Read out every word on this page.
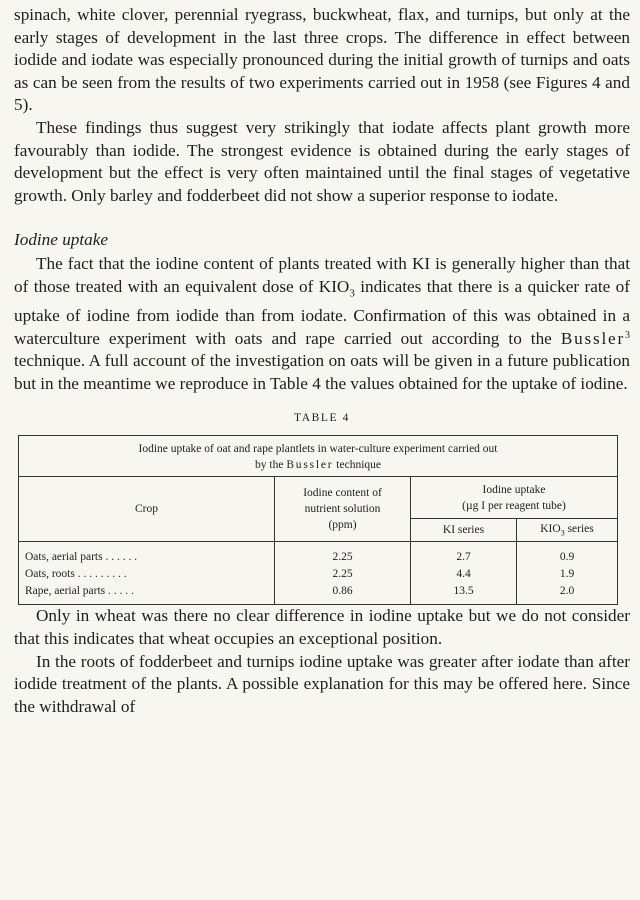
spinach, white clover, perennial ryegrass, buckwheat, flax, and turnips, but only at the early stages of development in the last three crops. The difference in effect between iodide and iodate was especially pronounced during the initial growth of turnips and oats as can be seen from the results of two experiments carried out in 1958 (see Figures 4 and 5).

These findings thus suggest very strikingly that iodate affects plant growth more favourably than iodide. The strongest evidence is obtained during the early stages of development but the effect is very often maintained until the final stages of vegetative growth. Only barley and fodderbeet did not show a superior response to iodate.

Iodine uptake

The fact that the iodine content of plants treated with KI is generally higher than that of those treated with an equivalent dose of $KIO_3$ indicates that there is a quicker rate of uptake of iodine from iodide than from iodate. Confirmation of this was obtained in a waterculture experiment with oats and rape carried out according to the Bussler$^3$ technique. A full account of the investigation on oats will be given in a future publication but in the meantime we reproduce in Table 4 the values obtained for the uptake of iodine.

TABLE 4
Iodine uptake of oat and rape plantlets in water-culture experiment carried out
by the Bussler technique			
Crop	Iodine content of
nutrient solution
(ppm)	Iodine uptake
(µg I per reagent tube)	
		KI series	$KIO_3$ series
Oats, aerial parts . . . . . .	2.25	2.7	0.9
Oats, roots . . . . . . . . .	2.25	4.4	1.9
Rape, aerial parts . . . . .	0.86	13.5	2.0

Only in wheat was there no clear difference in iodine uptake but we do not consider that this indicates that wheat occupies an exceptional position.

In the roots of fodderbeet and turnips iodine uptake was greater after iodate than after iodide treatment of the plants. A possible explanation for this may be offered here. Since the withdrawal of
